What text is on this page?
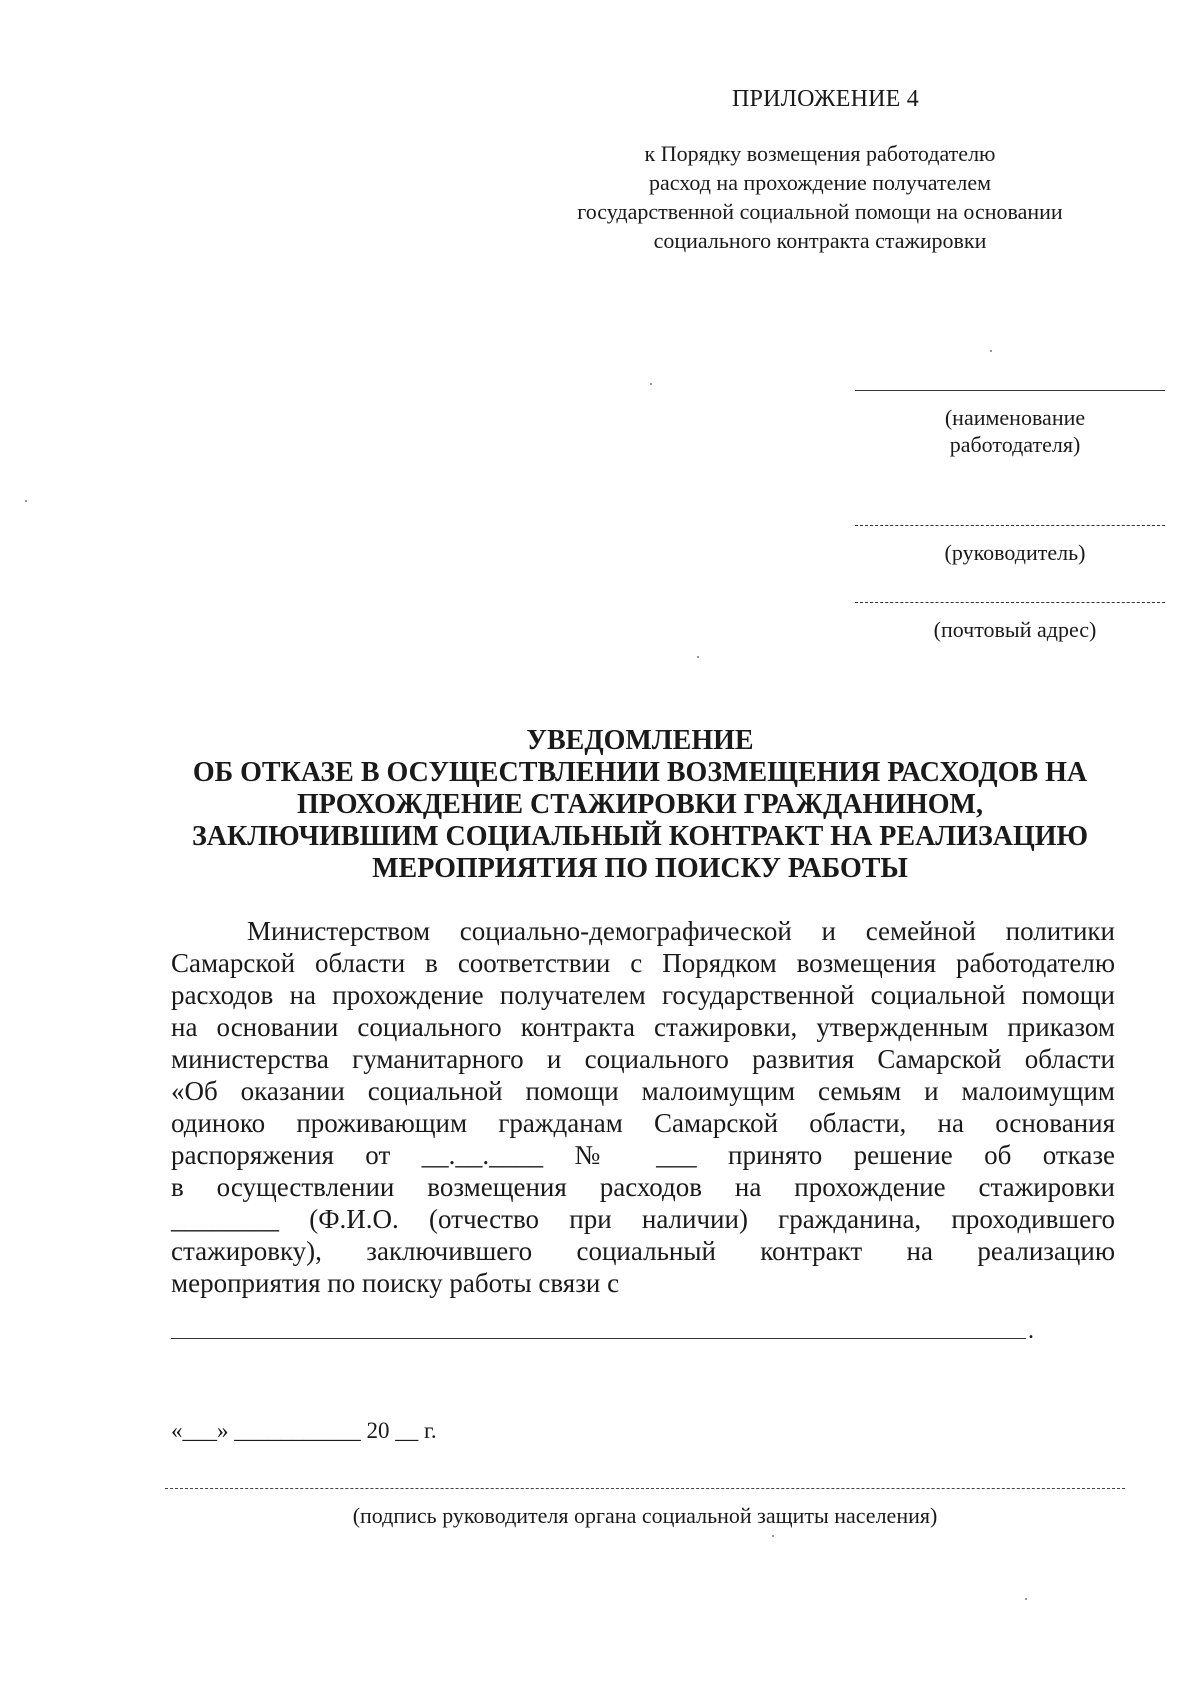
ПРИЛОЖЕНИЕ 4
к Порядку возмещения работодателю
расход на прохождение получателем
государственной социальной помощи на основании
социального контракта стажировки
(наименование
работодателя)
(руководитель)
(почтовый адрес)
УВЕДОМЛЕНИЕ
ОБ ОТКАЗЕ В ОСУЩЕСТВЛЕНИИ ВОЗМЕЩЕНИЯ РАСХОДОВ НА
ПРОХОЖДЕНИЕ СТАЖИРОВКИ ГРАЖДАНИНОМ,
ЗАКЛЮЧИВШИМ СОЦИАЛЬНЫЙ КОНТРАКТ НА РЕАЛИЗАЦИЮ
МЕРОПРИЯТИЯ ПО ПОИСКУ РАБОТЫ
Министерством социально-демографической и семейной политики
Самарской области в соответствии с Порядком возмещения работодателю
расходов на прохождение получателем государственной социальной помощи
на основании социального контракта стажировки, утвержденным приказом
министерства гуманитарного и социального развития Самарской области
«Об оказании социальной помощи малоимущим семьям и малоимущим
одиноко проживающим гражданам Самарской области, на основания
распоряжения от __.__.____ № ___ принято решение об отказе
в осуществлении возмещения расходов на прохождение стажировки
________ (Ф.И.О. (отчество при наличии) гражданина, проходившего
стажировку), заключившего социальный контракт на реализацию
мероприятия по поиску работы связи с
.
«___» ___________ 20 __ г.
(подпись руководителя органа социальной защиты населения)
